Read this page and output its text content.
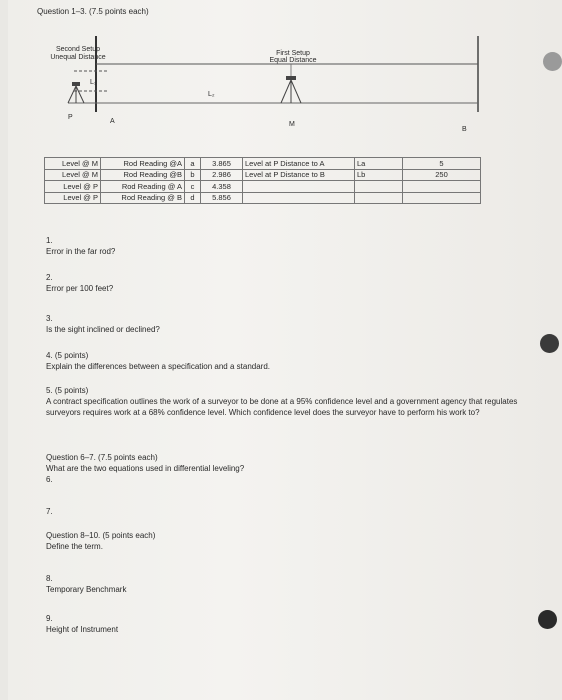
Question 1–3. (7.5 points each)
Second Setup
Unequal Distance
First Setup
Equal Distance
L₁
L₂
P
A	M
B
Level @ M	Rod Reading @A	a	3.865	Level at P Distance to A	La	5
Level @ M	Rod Reading @B	b	2.986	Level at P Distance to B	Lb	250
Level @ P	Rod Reading @ A	c	4.358			
Level @ P	Rod Reading @ B	d	5.856			
1.
Error in the far rod?
2.
Error per 100 feet?
3.
Is the sight inclined or declined?
4. (5 points)
Explain the differences between a specification and a standard.
5. (5 points)
A contract specification outlines the work of a surveyor to be done at a 95% confidence level and a government agency that regulates surveyors requires work at a 68% confidence level. Which confidence level does the surveyor have to perform his work to?
Question 6–7. (7.5 points each)
What are the two equations used in differential leveling?
6.
7.
Question 8–10. (5 points each)
Define the term.
8.
Temporary Benchmark
9.
Height of Instrument
